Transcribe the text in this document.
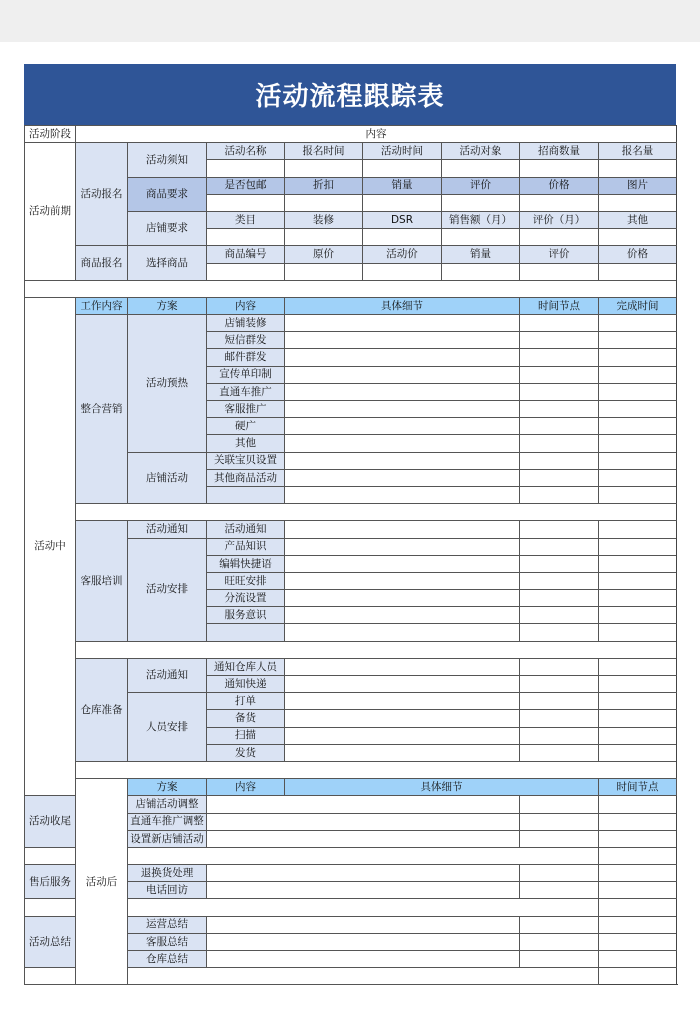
活动流程跟踪表
活动阶段	内容								
活动前期	活动报名	活动须知	活动名称	报名时间	活动时间	活动对象	招商数量	报名量	

		商品要求	是否包邮	折扣	销量	评价	价格	图片	

		店铺要求	类目	装修	DSR	销售额（月）	评价（月）	其他	

	商品报名	选择商品	商品编号	原价	活动价	销量	评价	价格	

活动中	工作内容	方案	内容	具体细节			时间节点	完成时间	
	整合营销	活动预热	店铺装修						
			短信群发						
			邮件群发						
			宣传单印制						
			直通车推广						
			客服推广						
			硬广						
			其他						
		店铺活动	关联宝贝设置						
			其他商品活动						

	客服培训	活动通知	活动通知						
		活动安排	产品知识						
			编辑快捷语						
			旺旺安排						
			分流设置						
			服务意识						

	仓库准备	活动通知	通知仓库人员						
			通知快递						
		人员安排	打单						
			备货						
			扫描						
			发货						

	活动后	方案	内容	具体细节				时间节点	
活动收尾		店铺活动调整							
		直通车推广调整							
		设置新店铺活动							

售后服务		退换货处理							
		电话回访							

活动总结		运营总结							
		客服总结							
		仓库总结							
